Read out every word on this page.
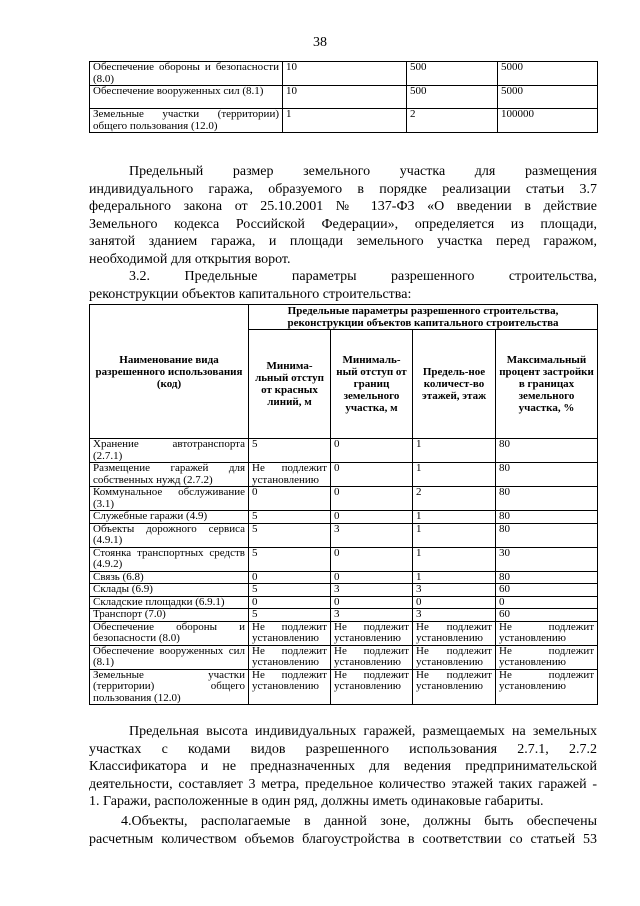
38
Обеспечение обороны и безопасности (8.0)	10	500	5000
Обеспечение вооруженных сил (8.1)	10	500	5000
Земельные участки (территории) общего пользования (12.0)	1	2	100000

Предельный размер земельного участка для размещения

индивидуального гаража, образуемого в порядке реализации статьи 3.7

федерального закона от 25.10.2001 № 137-ФЗ «О введении в действие

Земельного кодекса Российской Федерации», определяется из площади,

занятой зданием гаража, и площади земельного участка перед гаражом,

необходимой для открытия ворот.

3.2.        Предельные        параметры        разрешенного        строительства,

реконструкции объектов капитального строительства:

Наименование вида разрешенного использования (код)	Предельные параметры разрешенного строительства, реконструкции объектов капитального строительства			
	Минима-льный отступ от красных линий, м	Минималь-ный отступ от границ земельного участка, м	Предель-ное количест-во этажей, этаж	Максимальный процент застройки в границах земельного участка, %
Хранение автотранспорта (2.7.1)	5	0	1	80
Размещение гаражей для собственных нужд (2.7.2)	Не подлежит установлению	0	1	80
Коммунальное обслуживание (3.1)	0	0	2	80
Служебные гаражи (4.9)	5	0	1	80
Объекты дорожного сервиса (4.9.1)	5	3	1	80
Стоянка транспортных средств (4.9.2)	5	0	1	30
Связь (6.8)	0	0	1	80
Склады (6.9)	5	3	3	60
Складские площадки (6.9.1)	0	0	0	0
Транспорт (7.0)	5	3	3	60
Обеспечение обороны и безопасности (8.0)	Не подлежит установлению	Не подлежит установлению	Не подлежит установлению	Не подлежит установлению
Обеспечение вооруженных сил (8.1)	Не подлежит установлению	Не подлежит установлению	Не подлежит установлению	Не подлежит установлению
Земельные участки (территории) общего пользования (12.0)	Не подлежит установлению	Не подлежит установлению	Не подлежит установлению	Не подлежит установлению

Предельная высота индивидуальных гаражей, размещаемых на земельных

участках с кодами видов разрешенного использования 2.7.1, 2.7.2

Классификатора и не предназначенных для ведения предпринимательской

деятельности, составляет 3 метра, предельное количество этажей таких гаражей -

1. Гаражи, расположенные в один ряд, должны иметь одинаковые габариты.

4.Объекты, располагаемые в данной зоне, должны быть обеспечены

расчетным количеством объемов благоустройства в соответствии со статьей 53
